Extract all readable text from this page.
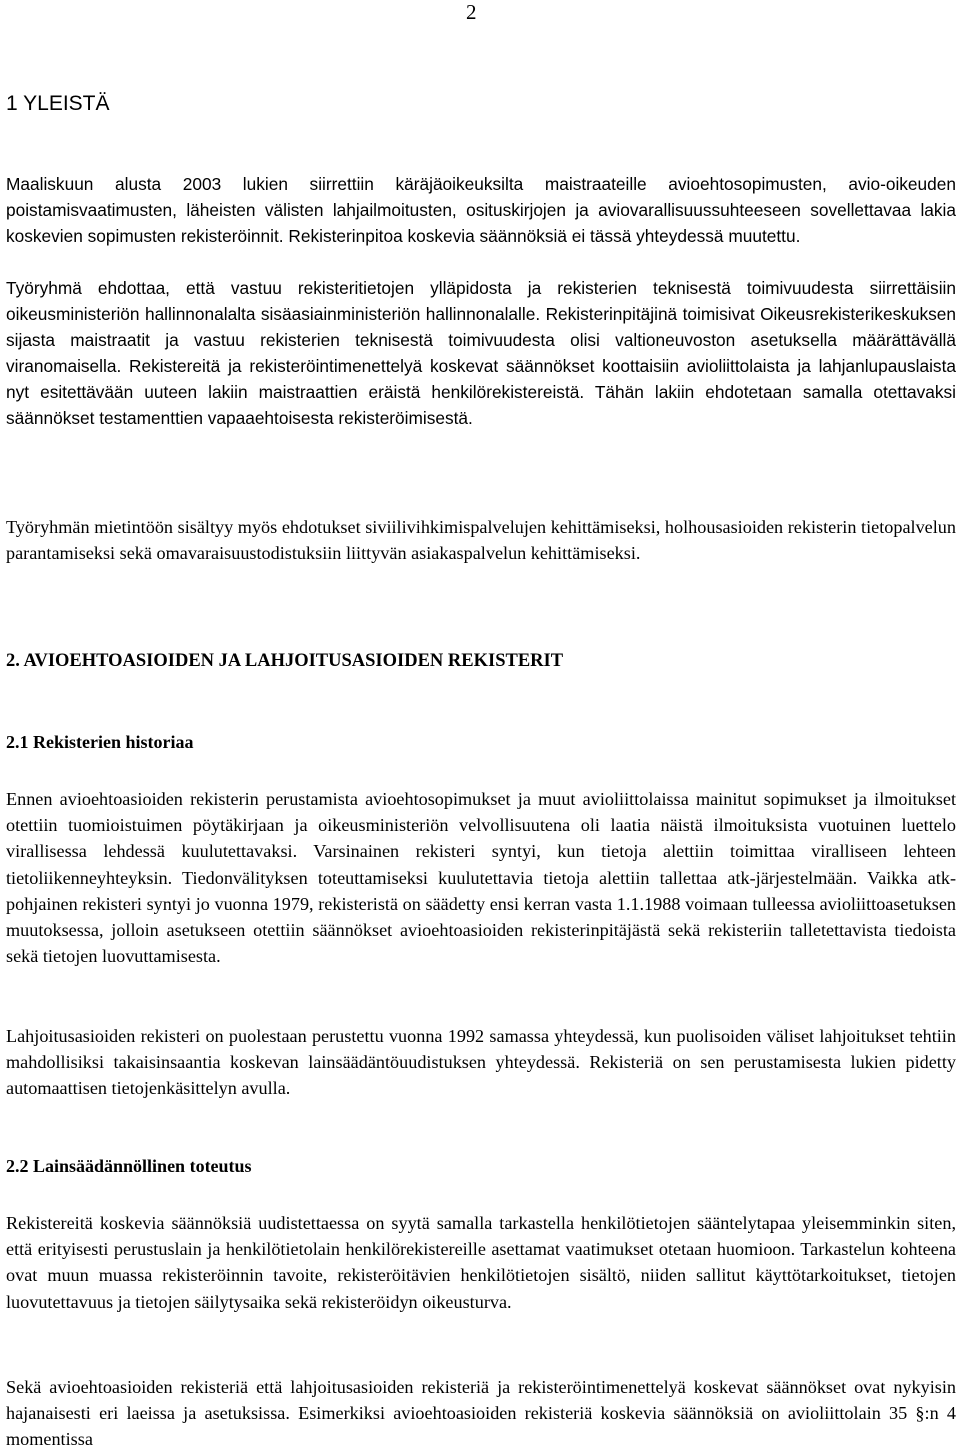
2
1 YLEISTÄ

Maaliskuun alusta 2003 lukien siirrettiin käräjäoikeuksilta maistraateille avioehtosopimusten, avio-oikeuden poistamisvaatimusten, läheisten välisten lahjailmoitusten, osituskirjojen ja aviovarallisuussuhteeseen sovellettavaa lakia koskevien sopimusten rekisteröinnit. Rekisterinpitoa koskevia säännöksiä ei tässä yhteydessä muutettu.

Työryhmä ehdottaa, että vastuu rekisteritietojen ylläpidosta ja rekisterien teknisestä toimivuudesta siirrettäisiin oikeusministeriön hallinnonalalta sisäasiainministeriön hallinnonalalle. Rekisterinpitäjinä toimisivat Oikeusrekisterikeskuksen sijasta maistraatit ja vastuu rekisterien teknisestä toimivuudesta olisi valtioneuvoston asetuksella määrättävällä viranomaisella. Rekistereitä ja rekisteröintimenettelyä koskevat säännökset koottaisiin avioliittolaista ja lahjanlupauslaista nyt esitettävään uuteen lakiin maistraattien eräistä henkilörekistereistä. Tähän lakiin ehdotetaan samalla otettavaksi säännökset testamenttien vapaaehtoisesta rekisteröimisestä.

Työryhmän mietintöön sisältyy myös ehdotukset siviilivihkimispalvelujen kehittämiseksi, holhousasioiden rekisterin tietopalvelun parantamiseksi sekä omavaraisuustodistuksiin liittyvän asiakaspalvelun kehittämiseksi.

2. AVIOEHTOASIOIDEN JA LAHJOITUSASIOIDEN REKISTERIT
2.1 Rekisterien historiaa

Ennen avioehtoasioiden rekisterin perustamista avioehtosopimukset ja muut avioliittolaissa mainitut sopimukset ja ilmoitukset otettiin tuomioistuimen pöytäkirjaan ja oikeusministeriön velvollisuutena oli laatia näistä ilmoituksista vuotuinen luettelo virallisessa lehdessä kuulutettavaksi. Varsinainen rekisteri syntyi, kun tietoja alettiin toimittaa viralliseen lehteen tietoliikenneyhteyksin. Tiedonvälityksen toteuttamiseksi kuulutettavia tietoja alettiin tallettaa atk-järjestelmään. Vaikka atk-pohjainen rekisteri syntyi jo vuonna 1979, rekisteristä on säädetty ensi kerran vasta 1.1.1988 voimaan tulleessa avioliittoasetuksen muutoksessa, jolloin asetukseen otettiin säännökset avioehtoasioiden rekisterinpitäjästä sekä rekisteriin talletettavista tiedoista sekä tietojen luovuttamisesta.

Lahjoitusasioiden rekisteri on puolestaan perustettu vuonna 1992 samassa yhteydessä, kun puolisoiden väliset lahjoitukset tehtiin mahdollisiksi takaisinsaantia koskevan lainsäädäntöuudistuksen yhteydessä. Rekisteriä on sen perustamisesta lukien pidetty automaattisen tietojenkäsittelyn avulla.

2.2 Lainsäädännöllinen toteutus

Rekistereitä koskevia säännöksiä uudistettaessa on syytä samalla tarkastella henkilötietojen sääntelytapaa yleisemminkin siten, että erityisesti perustuslain ja henkilötietolain henkilörekistereille asettamat vaatimukset otetaan huomioon. Tarkastelun kohteena ovat muun muassa rekisteröinnin tavoite, rekisteröitävien henkilötietojen sisältö, niiden sallitut käyttötarkoitukset, tietojen luovutettavuus ja tietojen säilytysaika sekä rekisteröidyn oikeusturva.

Sekä avioehtoasioiden rekisteriä että lahjoitusasioiden rekisteriä ja rekisteröintimenettelyä koskevat säännökset ovat nykyisin hajanaisesti eri laeissa ja asetuksissa. Esimerkiksi avioehtoasioiden rekisteriä koskevia säännöksiä on avioliittolain 35 §:n 4 momentissa
